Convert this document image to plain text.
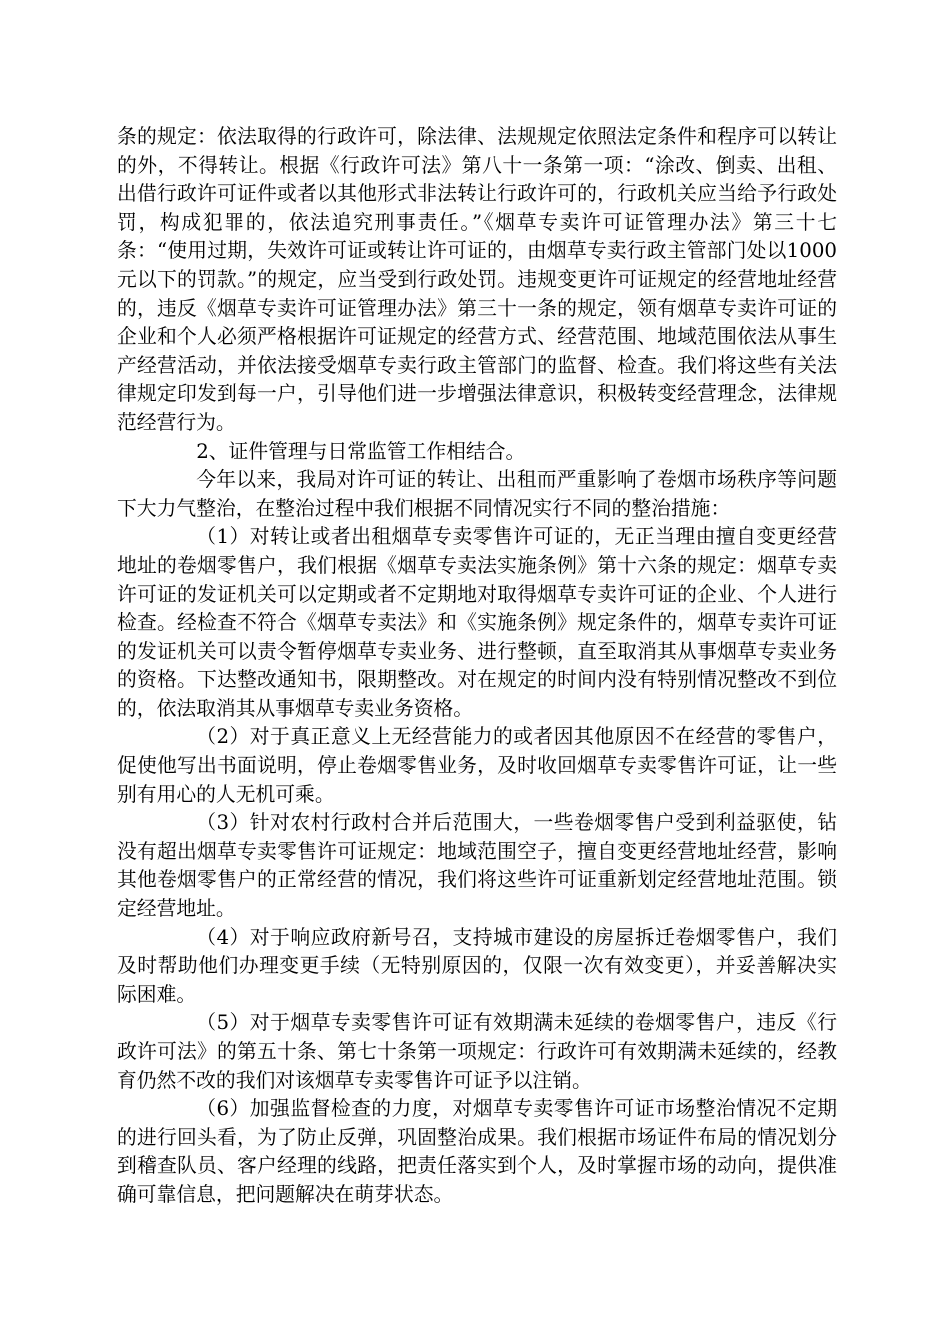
条的规定：依法取得的行政许可，除法律、法规规定依照法定条件和程序可以转让的外，不得转让。根据《行政许可法》第八十一条第一项：“涂改、倒卖、出租、出借行政许可证件或者以其他形式非法转让行政许可的，行政机关应当给予行政处罚，构成犯罪的，依法追究刑事责任。”《烟草专卖许可证管理办法》第三十七条：“使用过期，失效许可证或转让许可证的，由烟草专卖行政主管部门处以1000元以下的罚款。”的规定，应当受到行政处罚。违规变更许可证规定的经营地址经营的，违反《烟草专卖许可证管理办法》第三十一条的规定，领有烟草专卖许可证的企业和个人必须严格根据许可证规定的经营方式、经营范围、地域范围依法从事生产经营活动，并依法接受烟草专卖行政主管部门的监督、检查。我们将这些有关法律规定印发到每一户，引导他们进一步增强法律意识，积极转变经营理念，法律规范经营行为。

2、证件管理与日常监管工作相结合。

今年以来，我局对许可证的转让、出租而严重影响了卷烟市场秩序等问题下大力气整治，在整治过程中我们根据不同情况实行不同的整治措施：

（1）对转让或者出租烟草专卖零售许可证的，无正当理由擅自变更经营地址的卷烟零售户，我们根据《烟草专卖法实施条例》第十六条的规定：烟草专卖许可证的发证机关可以定期或者不定期地对取得烟草专卖许可证的企业、个人进行检查。经检查不符合《烟草专卖法》和《实施条例》规定条件的，烟草专卖许可证的发证机关可以责令暂停烟草专卖业务、进行整顿，直至取消其从事烟草专卖业务的资格。下达整改通知书，限期整改。对在规定的时间内没有特别情况整改不到位的，依法取消其从事烟草专卖业务资格。

（2）对于真正意义上无经营能力的或者因其他原因不在经营的零售户，促使他写出书面说明，停止卷烟零售业务，及时收回烟草专卖零售许可证，让一些别有用心的人无机可乘。

（3）针对农村行政村合并后范围大，一些卷烟零售户受到利益驱使，钻没有超出烟草专卖零售许可证规定：地域范围空子，擅自变更经营地址经营，影响其他卷烟零售户的正常经营的情况，我们将这些许可证重新划定经营地址范围。锁定经营地址。

（4）对于响应政府新号召，支持城市建设的房屋拆迁卷烟零售户，我们及时帮助他们办理变更手续（无特别原因的，仅限一次有效变更），并妥善解决实际困难。

（5）对于烟草专卖零售许可证有效期满未延续的卷烟零售户，违反《行政许可法》的第五十条、第七十条第一项规定：行政许可有效期满未延续的，经教育仍然不改的我们对该烟草专卖零售许可证予以注销。

（6）加强监督检查的力度，对烟草专卖零售许可证市场整治情况不定期的进行回头看，为了防止反弹，巩固整治成果。我们根据市场证件布局的情况划分到稽查队员、客户经理的线路，把责任落实到个人，及时掌握市场的动向，提供准确可靠信息，把问题解决在萌芽状态。
